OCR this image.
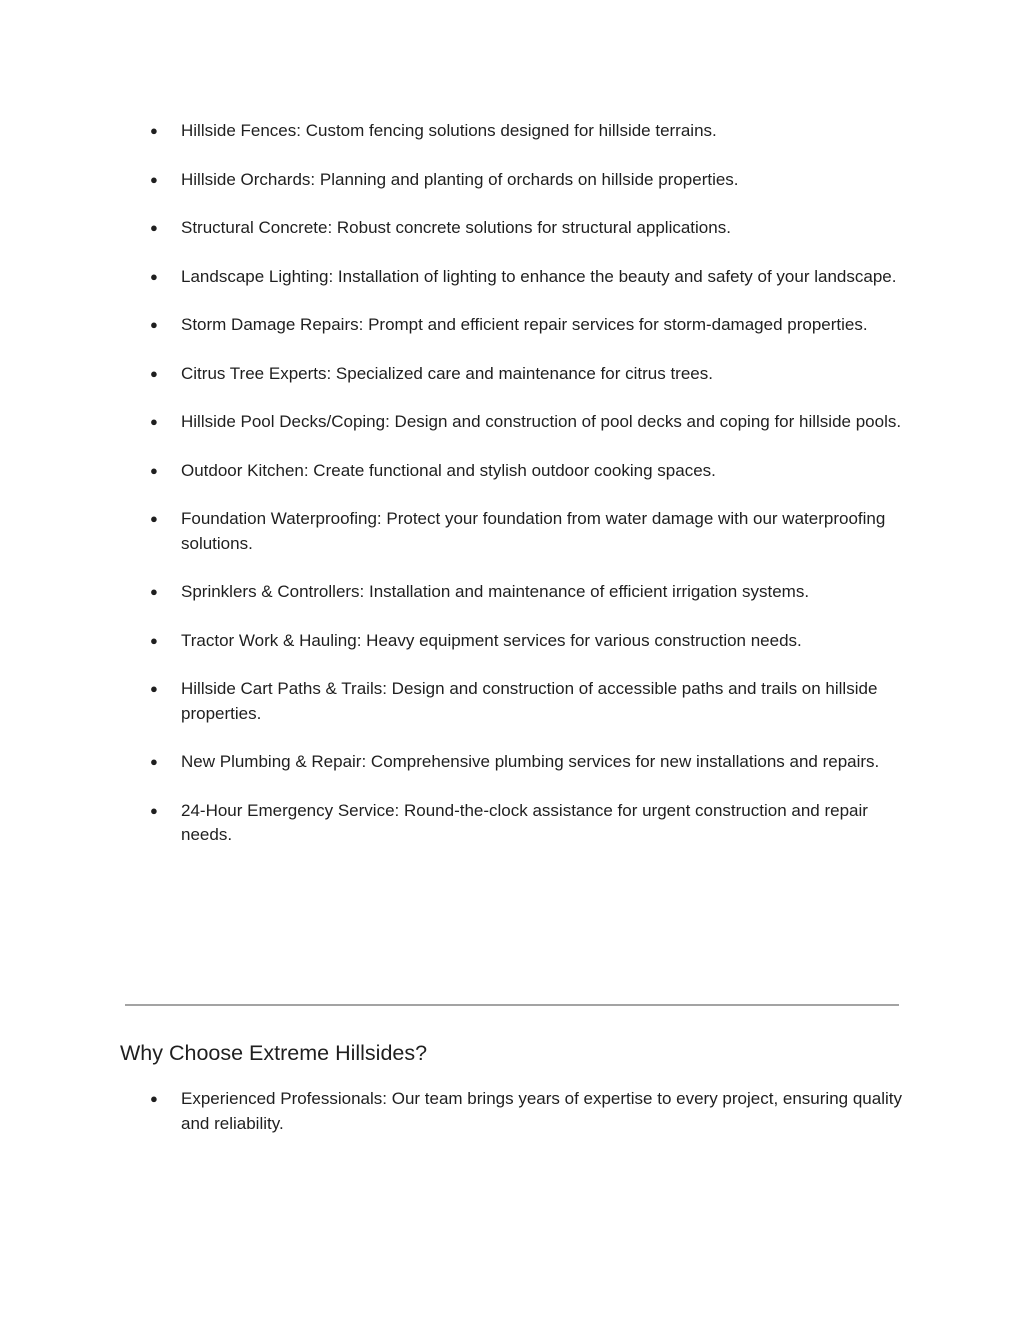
● Hillside Fences: Custom fencing solutions designed for hillside terrains.
● Hillside Orchards: Planning and planting of orchards on hillside properties.
● Structural Concrete: Robust concrete solutions for structural applications.
● Landscape Lighting: Installation of lighting to enhance the beauty and safety of your landscape.
● Storm Damage Repairs: Prompt and efficient repair services for storm-damaged properties.
● Citrus Tree Experts: Specialized care and maintenance for citrus trees.
● Hillside Pool Decks/Coping: Design and construction of pool decks and coping for hillside pools.
● Outdoor Kitchen: Create functional and stylish outdoor cooking spaces.
● Foundation Waterproofing: Protect your foundation from water damage with our waterproofing solutions.
● Sprinklers & Controllers: Installation and maintenance of efficient irrigation systems.
● Tractor Work & Hauling: Heavy equipment services for various construction needs.
● Hillside Cart Paths & Trails: Design and construction of accessible paths and trails on hillside properties.
● New Plumbing & Repair: Comprehensive plumbing services for new installations and repairs.
● 24-Hour Emergency Service: Round-the-clock assistance for urgent construction and repair needs.
Why Choose Extreme Hillsides?
● Experienced Professionals: Our team brings years of expertise to every project, ensuring quality and reliability.
